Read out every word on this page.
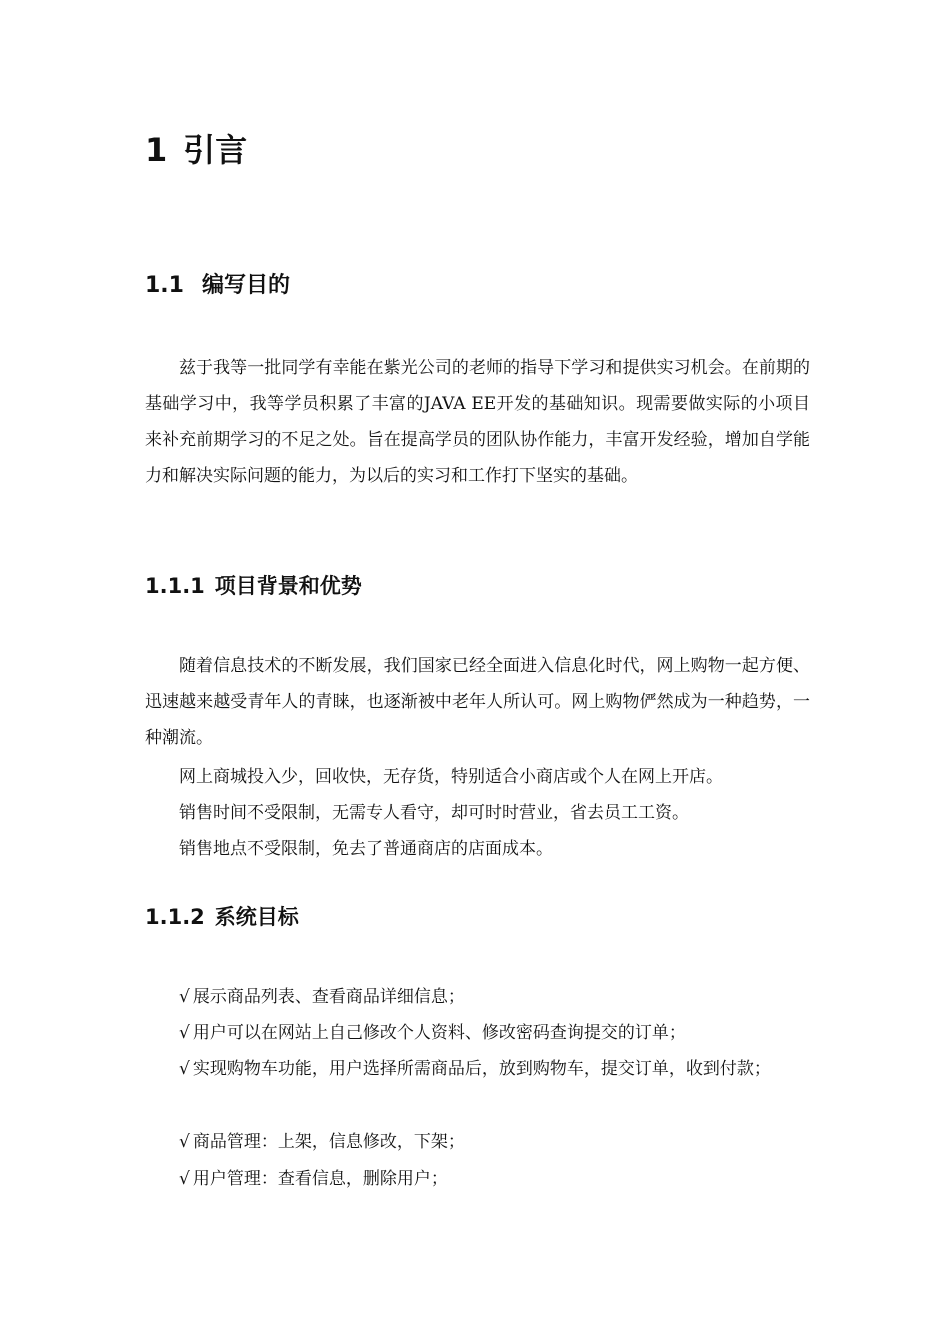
1 引言
1.1 编写目的

兹于我等一批同学有幸能在紫光公司的老师的指导下学习和提供实习机会。在前期的基础学习中，我等学员积累了丰富的JAVA EE开发的基础知识。现需要做实际的小项目来补充前期学习的不足之处。旨在提高学员的团队协作能力，丰富开发经验，增加自学能力和解决实际问题的能力，为以后的实习和工作打下坚实的基础。

1.1.1 项目背景和优势

随着信息技术的不断发展，我们国家已经全面进入信息化时代，网上购物一起方便、迅速越来越受青年人的青睐，也逐渐被中老年人所认可。网上购物俨然成为一种趋势，一种潮流。

网上商城投入少，回收快，无存货，特别适合小商店或个人在网上开店。

销售时间不受限制，无需专人看守，却可时时营业，省去员工工资。

销售地点不受限制，免去了普通商店的店面成本。

1.1.2 系统目标

√ 展示商品列表、查看商品详细信息；

√ 用户可以在网站上自己修改个人资料、修改密码查询提交的订单；

√ 实现购物车功能，用户选择所需商品后，放到购物车，提交订单，收到付款；

√ 商品管理：上架，信息修改，下架；

√ 用户管理：查看信息，删除用户；
